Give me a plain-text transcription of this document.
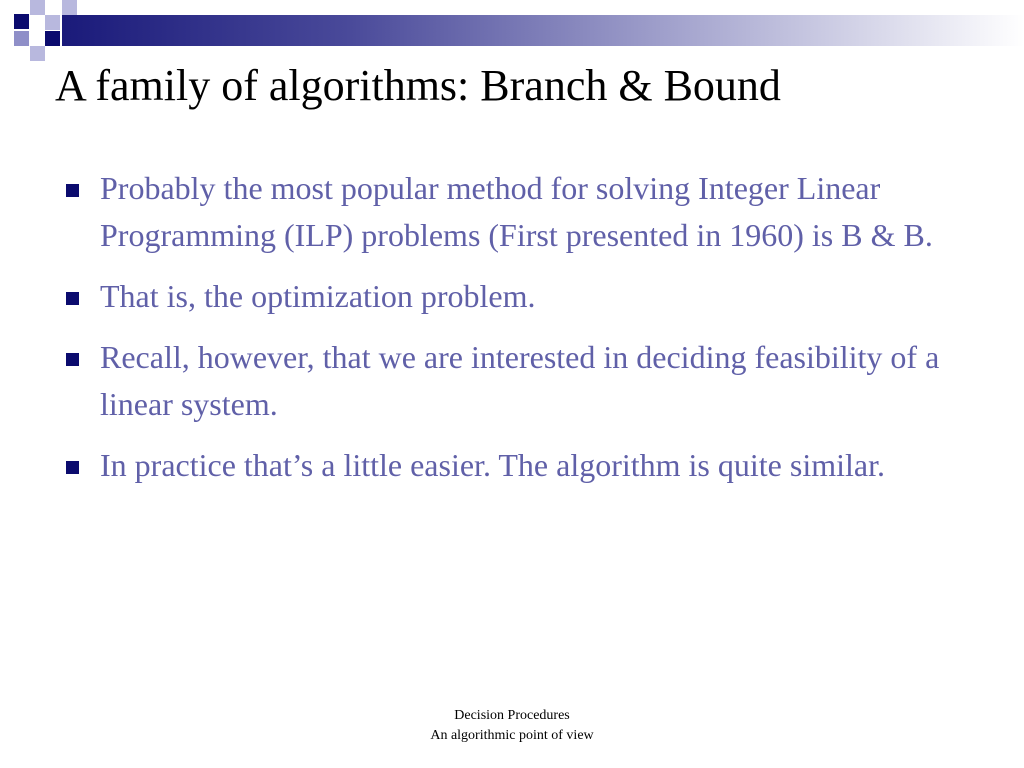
A family of algorithms: Branch & Bound
Probably the most popular method for solving Integer Linear Programming (ILP) problems (First presented in 1960) is B & B.
That is, the optimization problem.
Recall, however, that we are interested in deciding feasibility of a linear system.
In practice that’s a little easier. The algorithm is quite similar.
Decision Procedures
An algorithmic point of view
